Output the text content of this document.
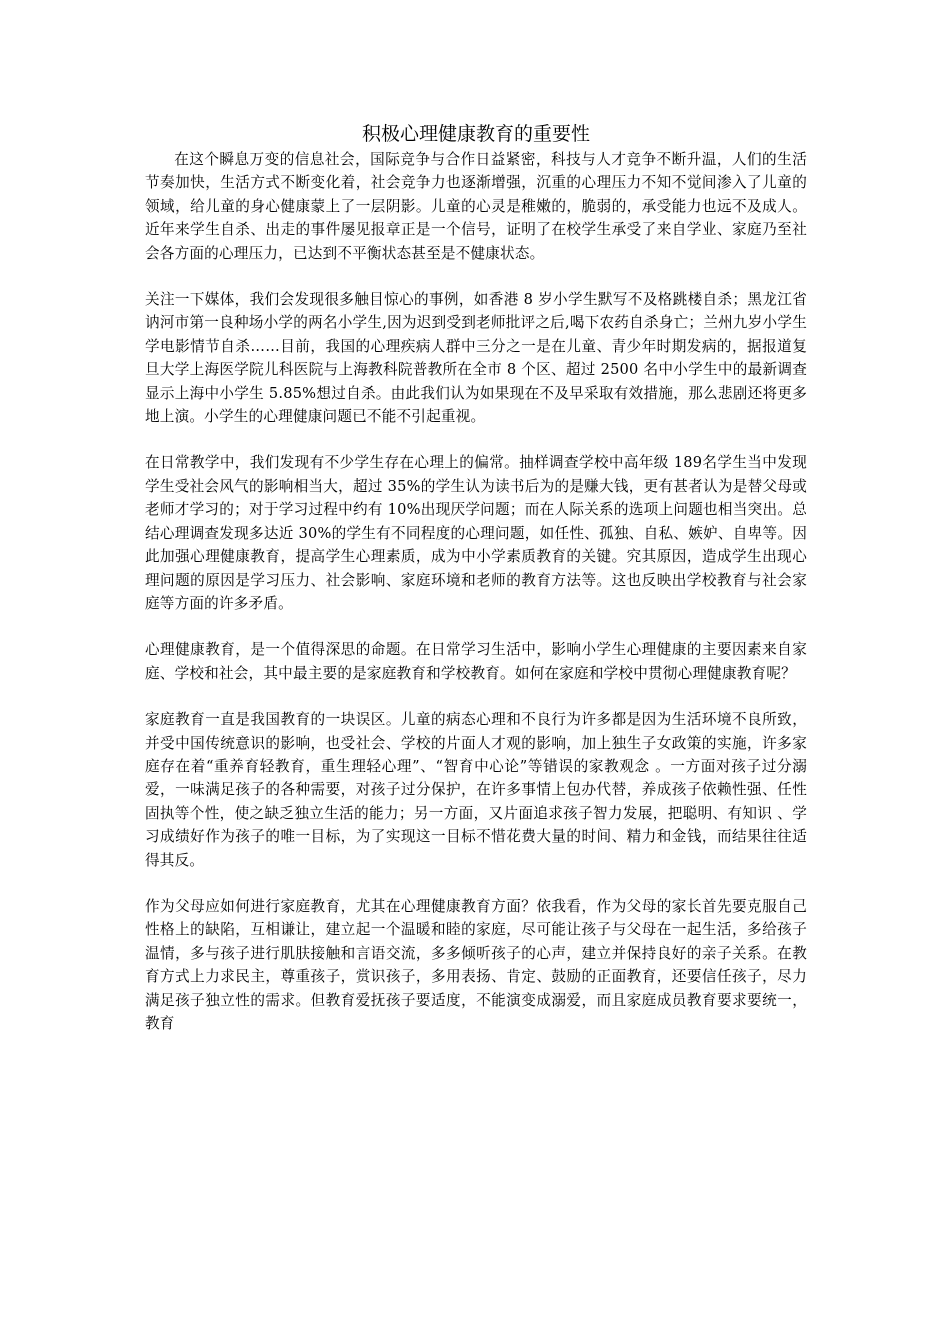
积极心理健康教育的重要性

在这个瞬息万变的信息社会，国际竞争与合作日益紧密，科技与人才竞争不断升温，人们的生活节奏加快，生活方式不断变化着，社会竞争力也逐渐增强，沉重的心理压力不知不觉间渗入了儿童的领域，给儿童的身心健康蒙上了一层阴影。儿童的心灵是稚嫩的，脆弱的，承受能力也远不及成人。近年来学生自杀、出走的事件屡见报章正是一个信号，证明了在校学生承受了来自学业、家庭乃至社会各方面的心理压力，已达到不平衡状态甚至是不健康状态。

关注一下媒体，我们会发现很多触目惊心的事例，如香港 8 岁小学生默写不及格跳楼自杀；黑龙江省讷河市第一良种场小学的两名小学生,因为迟到受到老师批评之后,喝下农药自杀身亡；兰州九岁小学生学电影情节自杀……目前，我国的心理疾病人群中三分之一是在儿童、青少年时期发病的，据报道复旦大学上海医学院儿科医院与上海教科院普教所在全市 8 个区、超过 2500 名中小学生中的最新调查显示上海中小学生 5.85%想过自杀。由此我们认为如果现在不及早采取有效措施，那么悲剧还将更多地上演。小学生的心理健康问题已不能不引起重视。

在日常教学中，我们发现有不少学生存在心理上的偏常。抽样调查学校中高年级 189名学生当中发现学生受社会风气的影响相当大，超过 35%的学生认为读书后为的是赚大钱，更有甚者认为是替父母或老师才学习的；对于学习过程中约有 10%出现厌学问题；而在人际关系的选项上问题也相当突出。总结心理调查发现多达近 30%的学生有不同程度的心理问题，如任性、孤独、自私、嫉妒、自卑等。因此加强心理健康教育，提高学生心理素质，成为中小学素质教育的关键。究其原因，造成学生出现心理问题的原因是学习压力、社会影响、家庭环境和老师的教育方法等。这也反映出学校教育与社会家庭等方面的许多矛盾。

心理健康教育，是一个值得深思的命题。在日常学习生活中，影响小学生心理健康的主要因素来自家庭、学校和社会，其中最主要的是家庭教育和学校教育。如何在家庭和学校中贯彻心理健康教育呢？

家庭教育一直是我国教育的一块误区。儿童的病态心理和不良行为许多都是因为生活环境不良所致，并受中国传统意识的影响，也受社会、学校的片面人才观的影响，加上独生子女政策的实施，许多家庭存在着“重养育轻教育，重生理轻心理”、“智育中心论”等错误的家教观念 。一方面对孩子过分溺爱，一味满足孩子的各种需要，对孩子过分保护，在许多事情上包办代替，养成孩子依赖性强、任性固执等个性，使之缺乏独立生活的能力；另一方面，又片面追求孩子智力发展，把聪明、有知识 、学习成绩好作为孩子的唯一目标，为了实现这一目标不惜花费大量的时间、精力和金钱，而结果往往适得其反。

作为父母应如何进行家庭教育，尤其在心理健康教育方面？依我看，作为父母的家长首先要克服自己性格上的缺陷，互相谦让，建立起一个温暖和睦的家庭，尽可能让孩子与父母在一起生活，多给孩子温情，多与孩子进行肌肤接触和言语交流，多多倾听孩子的心声，建立并保持良好的亲子关系。在教育方式上力求民主，尊重孩子，赏识孩子，多用表扬、肯定、鼓励的正面教育，还要信任孩子，尽力满足孩子独立性的需求。但教育爱抚孩子要适度，不能演变成溺爱，而且家庭成员教育要求要统一，教育
